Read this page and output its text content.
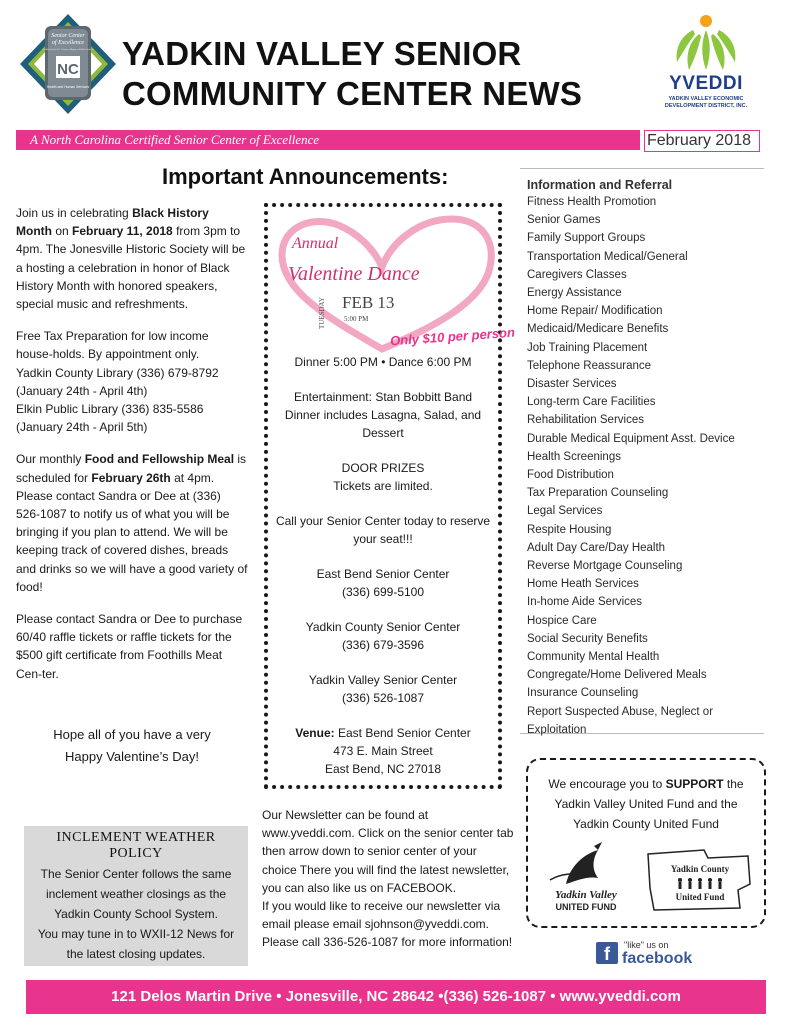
Senior Center
of Excellence
Certified by the N.C. Division of Aging and Adult Services
NC
Health and Human Services
YADKIN VALLEY SENIOR
COMMUNITY CENTER NEWS	YVEDDI
YADKIN VALLEY ECONOMIC DEVELOPMENT DISTRICT, INC.
A North Carolina Certified Senior Center of Excellence	February 2018
Important Announcements:

Join us in celebrating Black History Month on February 11, 2018 from 3pm to 4pm. The Jonesville Historic Society will be a hosting a celebration in honor of Black History Month with honored speakers, special music and refreshments.

Free Tax Preparation for low income house-holds. By appointment only.
Yadkin County Library (336) 679-8792
(January 24th - April 4th)
Elkin Public Library (336) 835-5586
(January 24th - April 5th)

Our monthly Food and Fellowship Meal is scheduled for February 26th at 4pm. Please contact Sandra or Dee at (336) 526-1087 to notify us of what you will be bringing if you plan to attend. We will be keeping track of covered dishes, breads and drinks so we will have a good variety of food!

Please contact Sandra or Dee to purchase 60/40 raffle tickets or raffle tickets for the $500 gift certificate from Foothills Meat Cen-ter.

Hope all of you have a very
Happy Valentine’s Day!
INCLEMENT WEATHER POLICY
The Senior Center follows the same inclement weather closings as the Yadkin County School System.
You may tune in to WXII-12 News for the latest closing updates.
Annual
Valentine Dance
TUESDAY FEB 13
5:00 PM
Only $10 per person

Dinner 5:00 PM • Dance 6:00 PM

Entertainment: Stan Bobbitt Band
Dinner includes Lasagna, Salad, and Dessert

DOOR PRIZES
Tickets are limited.

Call your Senior Center today to reserve your seat!!!

East Bend Senior Center
(336) 699-5100

Yadkin County Senior Center
(336) 679-3596

Yadkin Valley Senior Center
(336) 526-1087

Venue: East Bend Senior Center
473 E. Main Street
East Bend, NC 27018

Our Newsletter can be found at www.yveddi.com. Click on the senior center tab then arrow down to senior center of your choice There you will find the latest newsletter, you can also like us on FACEBOOK.
If you would like to receive our newsletter via email please email sjohnson@yveddi.com.
Please call 336-526-1087 for more information!
Information and Referral
Fitness Health Promotion
Senior Games
Family Support Groups
Transportation Medical/General
Caregivers Classes
Energy Assistance
Home Repair/ Modification
Medicaid/Medicare Benefits
Job Training Placement
Telephone Reassurance
Disaster Services
Long-term Care Facilities
Rehabilitation Services
Durable Medical Equipment Asst. Device
Health Screenings
Food Distribution
Tax Preparation Counseling
Legal Services
Respite Housing
Adult Day Care/Day Health
Reverse Mortgage Counseling
Home Heath Services
In-home Aide Services
Hospice Care
Social Security Benefits
Community Mental Health
Congregate/Home Delivered Meals
Insurance Counseling
Report Suspected Abuse, Neglect or Exploitation
We encourage you to SUPPORT the Yadkin Valley United Fund and the Yadkin County United Fund
Yadkin Valley
UNITED FUND
Yadkin County
United Fund
f	"like" us on
facebook
121 Delos Martin Drive • Jonesville, NC 28642 •(336) 526-1087 • www.yveddi.com
